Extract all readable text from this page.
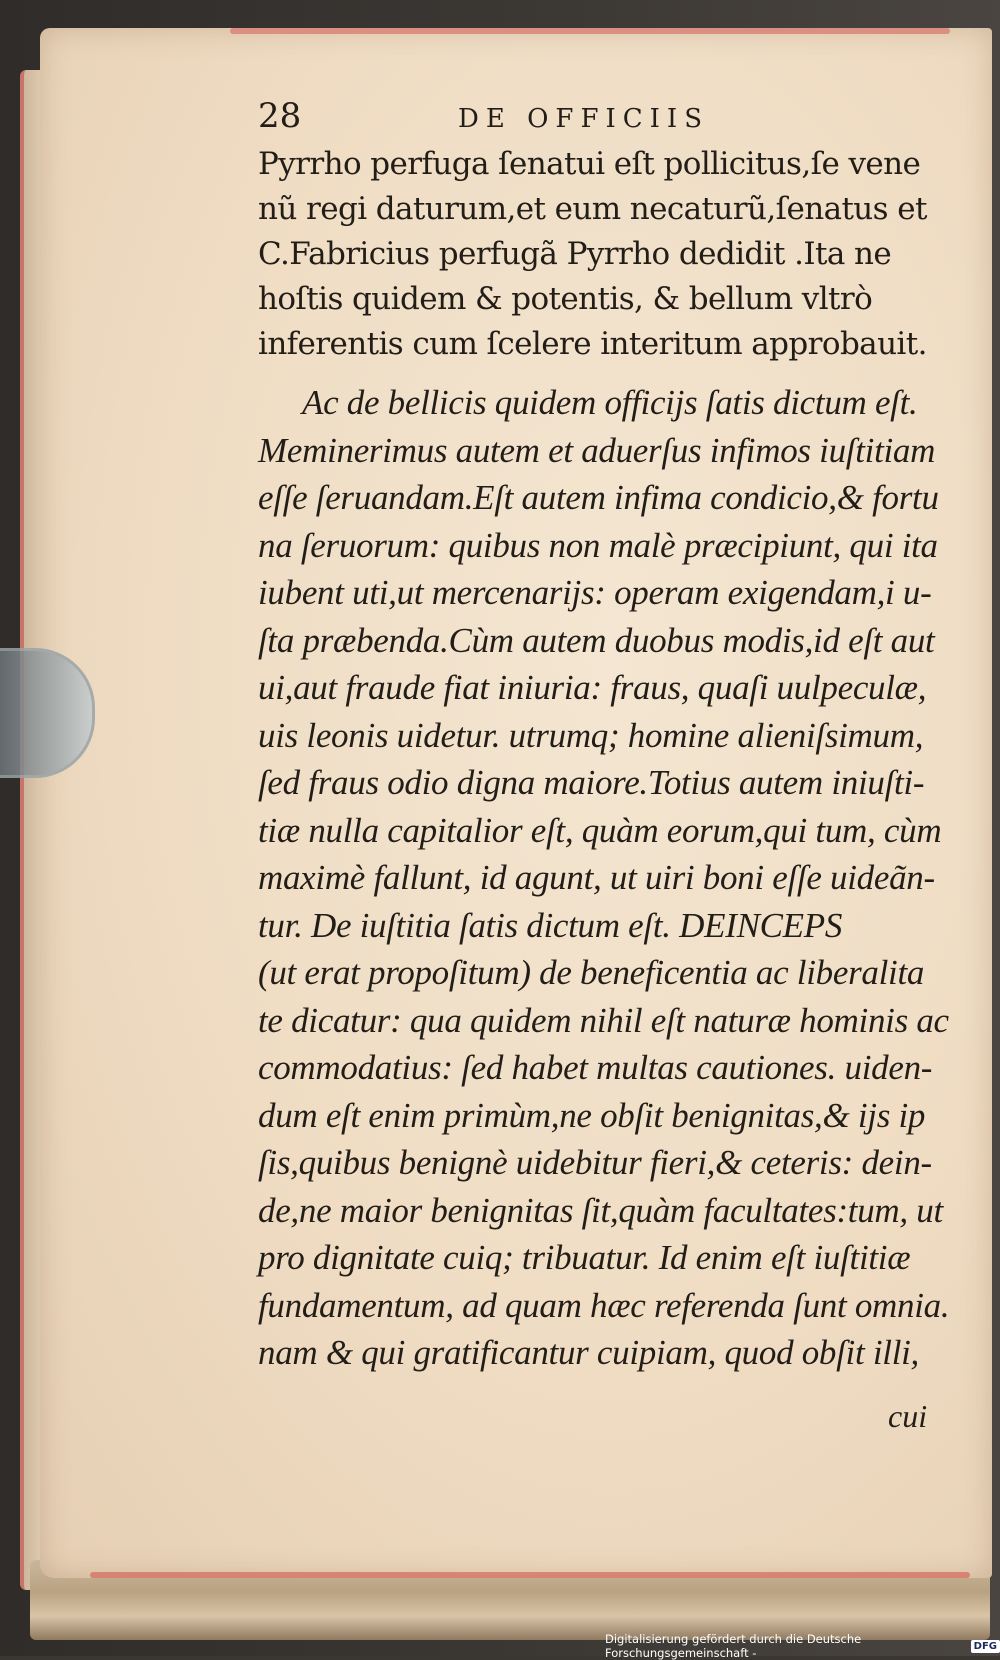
28	DE OFFICIIS

Pyrrho perfuga ſenatui eſt pollicitus,ſe vene

nũ regi daturum,et eum necaturũ,ſenatus et

C.Fabricius perfugã Pyrrho dedidit .Ita ne

hoſtis quidem & potentis, & bellum vltrò

inferentis cum ſcelere interitum approbauit.

Ac de bellicis quidem officijs ſatis dictum eſt.

Meminerimus autem et aduerſus infimos iuſtitiam

eſſe ſeruandam.Eſt autem infima condicio,& fortu

na ſeruorum: quibus non malè præcipiunt, qui ita

iubent uti,ut mercenarijs: operam exigendam,i u-

ſta præbenda.Cùm autem duobus modis,id eſt aut

ui,aut fraude fiat iniuria: fraus, quaſi uulpeculæ,

uis leonis uidetur. utrumq; homine alieniſsimum,

ſed fraus odio digna maiore.Totius autem iniuſti-

tiæ nulla capitalior eſt, quàm eorum,qui tum, cùm

maximè fallunt, id agunt, ut uiri boni eſſe uideãn-

tur. De iuſtitia ſatis dictum eſt. DEINCEPS

(ut erat propoſitum) de beneficentia ac liberalita

te dicatur: qua quidem nihil eſt naturæ hominis ac

commodatius: ſed habet multas cautiones. uiden-

dum eſt enim primùm,ne obſit benignitas,& ijs ip

ſis,quibus benignè uidebitur fieri,& ceteris: dein-

de,ne maior benignitas ſit,quàm facultates:tum, ut

pro dignitate cuiq; tribuatur. Id enim eſt iuſtitiæ

fundamentum, ad quam hæc referenda ſunt omnia.

nam & qui gratificantur cuipiam, quod obſit illi,

cui
Digitalisierung gefördert durch die Deutsche Forschungsgemeinschaft -	DFG
